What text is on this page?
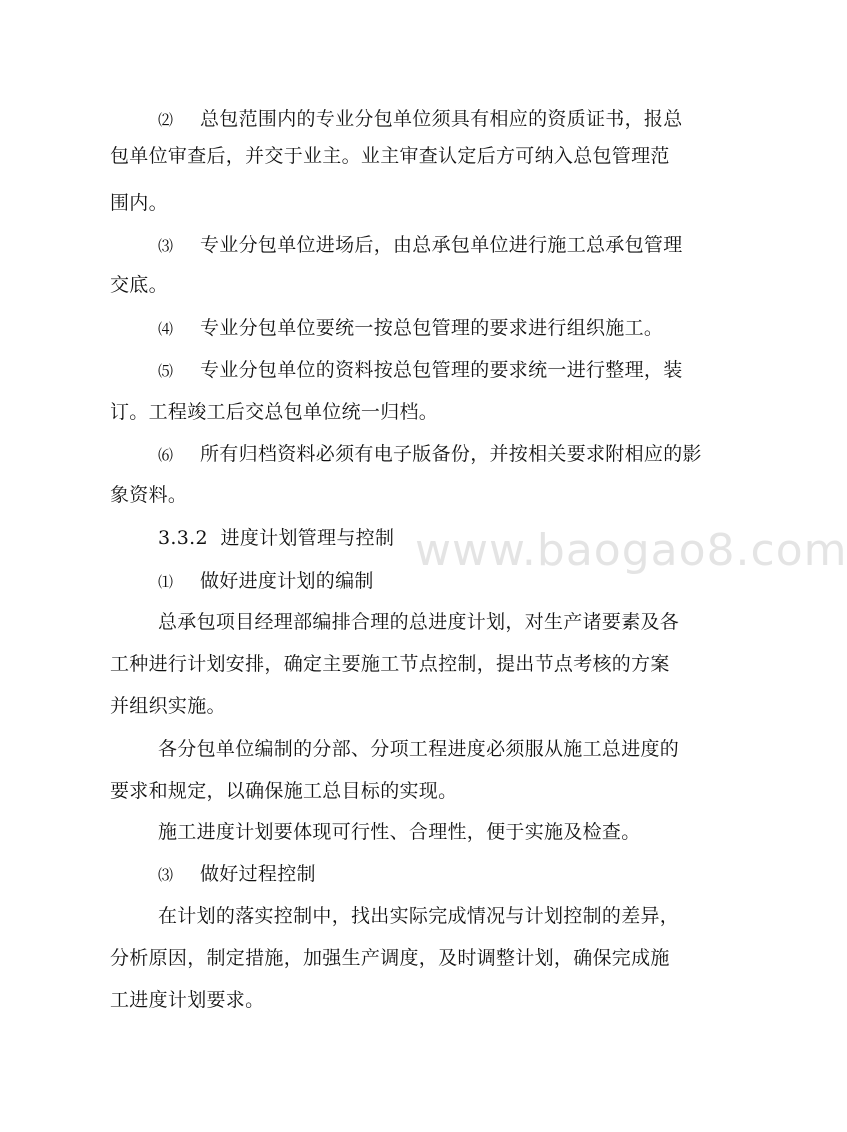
www.baogao8.com
⑵ 总包范围内的专业分包单位须具有相应的资质证书，报总
包单位审查后，并交于业主。业主审查认定后方可纳入总包管理范
围内。
⑶ 专业分包单位进场后，由总承包单位进行施工总承包管理
交底。
⑷ 专业分包单位要统一按总包管理的要求进行组织施工。
⑸ 专业分包单位的资料按总包管理的要求统一进行整理，装
订。工程竣工后交总包单位统一归档。
⑹ 所有归档资料必须有电子版备份，并按相关要求附相应的影
象资料。
3.3.2 进度计划管理与控制
⑴ 做好进度计划的编制
总承包项目经理部编排合理的总进度计划，对生产诸要素及各
工种进行计划安排，确定主要施工节点控制，提出节点考核的方案
并组织实施。
各分包单位编制的分部、分项工程进度必须服从施工总进度的
要求和规定，以确保施工总目标的实现。
施工进度计划要体现可行性、合理性，便于实施及检查。
⑶ 做好过程控制
在计划的落实控制中，找出实际完成情况与计划控制的差异，
分析原因，制定措施，加强生产调度，及时调整计划，确保完成施
工进度计划要求。
